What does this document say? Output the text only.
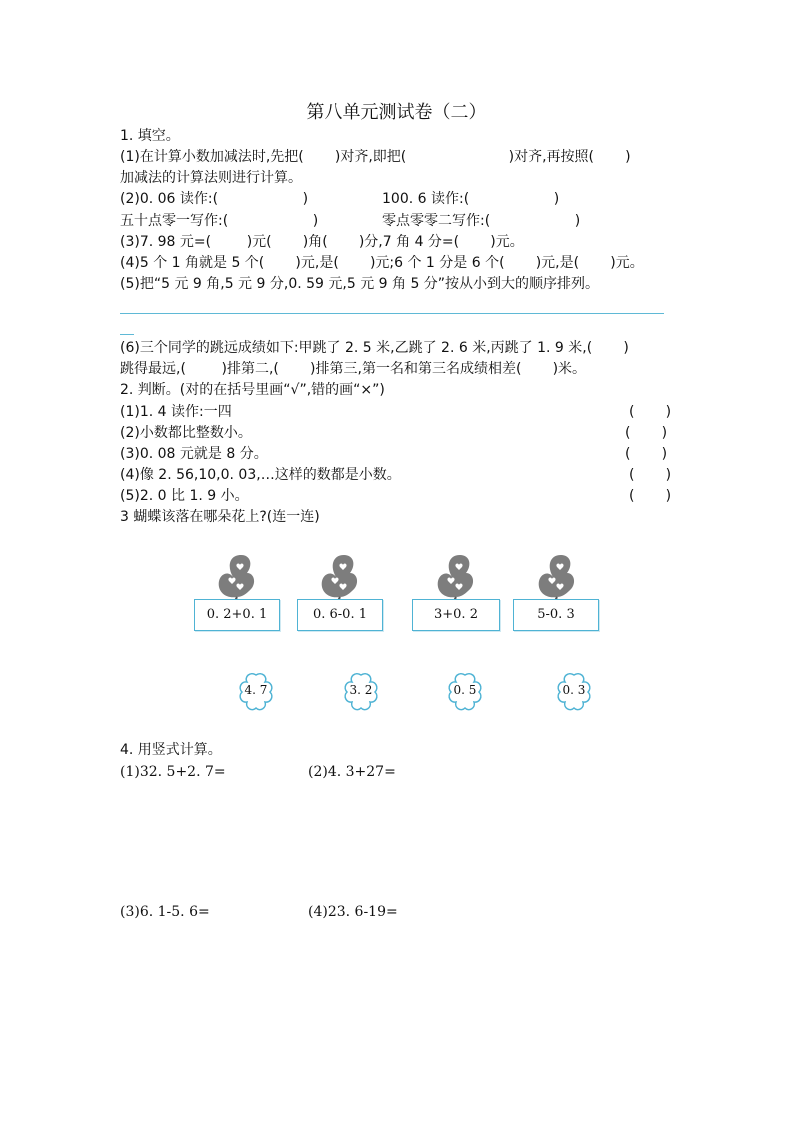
第八单元测试卷（二）
1. 填空。
(1)在计算小数加减法时,先把(       )对齐,即把(                       )对齐,再按照(       )
加减法的计算法则进行计算。
(2)0. 06 读作:(                   )	100. 6 读作:(                   )
五十点零一写作:(                   )	零点零零二写作:(                   )
(3)7. 98 元=(        )元(       )角(       )分,7 角 4 分=(       )元。
(4)5 个 1 角就是 5 个(       )元,是(       )元;6 个 1 分是 6 个(       )元,是(       )元。
(5)把“5 元 9 角,5 元 9 分,0. 59 元,5 元 9 角 5 分”按从小到大的顺序排列。
(6)三个同学的跳远成绩如下:甲跳了 2. 5 米,乙跳了 2. 6 米,丙跳了 1. 9 米,(       )
跳得最远,(        )排第二,(       )排第三,第一名和第三名成绩相差(       )米。
2. 判断。(对的在括号里画“√”,错的画“×”)
(1)1. 4 读作:一四	(       )
(2)小数都比整数小。	(       )
(3)0. 08 元就是 8 分。	(       )
(4)像 2. 56,10,0. 03,…这样的数都是小数。	(       )
(5)2. 0 比 1. 9 小。	(       )
3 蝴蝶该落在哪朵花上?(连一连)
0. 2+0. 1	0. 6-0. 1	3+0. 2	5-0. 3
4. 7	3. 2	0. 5	0. 3
4. 用竖式计算。
(1)32. 5+2. 7=	(2)4. 3+27=
(3)6. 1-5. 6=	(4)23. 6-19=
